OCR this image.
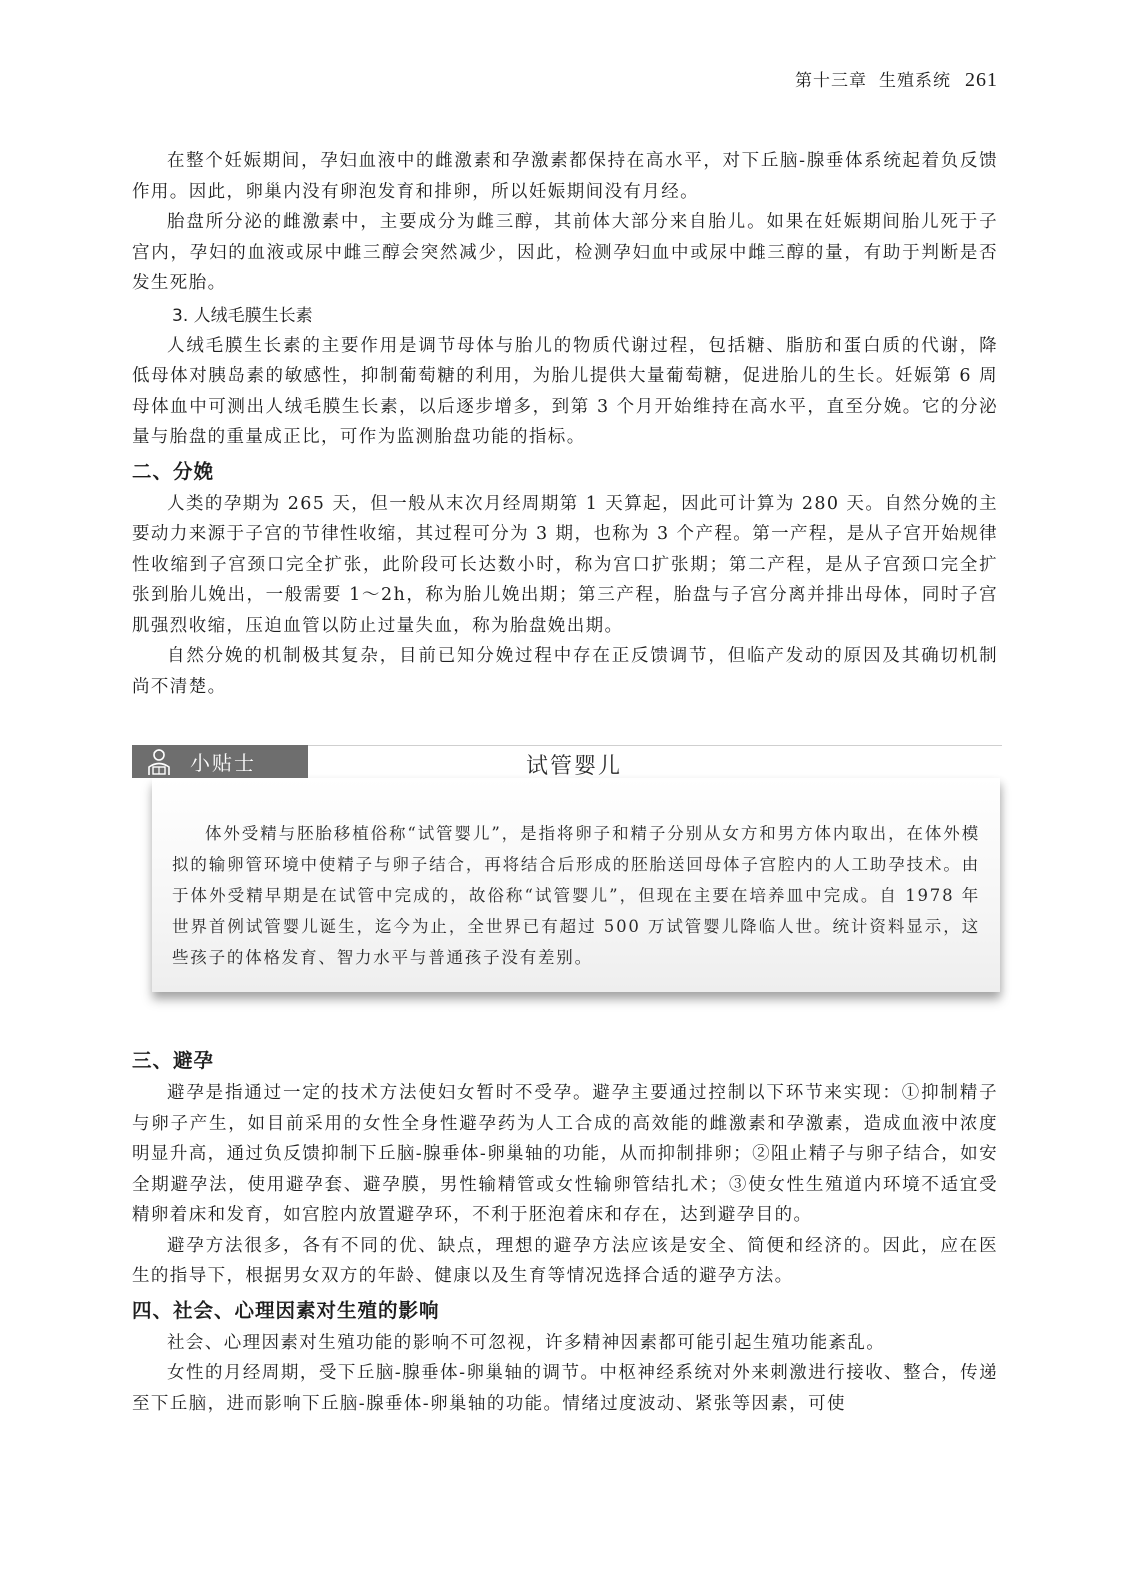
第十三章 生殖系统 261

在整个妊娠期间，孕妇血液中的雌激素和孕激素都保持在高水平，对下丘脑-腺垂体系统起着负反馈作用。因此，卵巢内没有卵泡发育和排卵，所以妊娠期间没有月经。

胎盘所分泌的雌激素中，主要成分为雌三醇，其前体大部分来自胎儿。如果在妊娠期间胎儿死于子宫内，孕妇的血液或尿中雌三醇会突然减少，因此，检测孕妇血中或尿中雌三醇的量，有助于判断是否发生死胎。

3. 人绒毛膜生长素

人绒毛膜生长素的主要作用是调节母体与胎儿的物质代谢过程，包括糖、脂肪和蛋白质的代谢，降低母体对胰岛素的敏感性，抑制葡萄糖的利用，为胎儿提供大量葡萄糖，促进胎儿的生长。妊娠第 6 周母体血中可测出人绒毛膜生长素，以后逐步增多，到第 3 个月开始维持在高水平，直至分娩。它的分泌量与胎盘的重量成正比，可作为监测胎盘功能的指标。

二、分娩

人类的孕期为 265 天，但一般从末次月经周期第 1 天算起，因此可计算为 280 天。自然分娩的主要动力来源于子宫的节律性收缩，其过程可分为 3 期，也称为 3 个产程。第一产程，是从子宫开始规律性收缩到子宫颈口完全扩张，此阶段可长达数小时，称为宫口扩张期；第二产程，是从子宫颈口完全扩张到胎儿娩出，一般需要 1～2h，称为胎儿娩出期；第三产程，胎盘与子宫分离并排出母体，同时子宫肌强烈收缩，压迫血管以防止过量失血，称为胎盘娩出期。

自然分娩的机制极其复杂，目前已知分娩过程中存在正反馈调节，但临产发动的原因及其确切机制尚不清楚。

体外受精与胚胎移植俗称“试管婴儿”，是指将卵子和精子分别从女方和男方体内取出，在体外模拟的输卵管环境中使精子与卵子结合，再将结合后形成的胚胎送回母体子宫腔内的人工助孕技术。由于体外受精早期是在试管中完成的，故俗称“试管婴儿”，但现在主要在培养皿中完成。自 1978 年世界首例试管婴儿诞生，迄今为止，全世界已有超过 500 万试管婴儿降临人世。统计资料显示，这些孩子的体格发育、智力水平与普通孩子没有差别。
小贴士	试管婴儿
三、避孕

避孕是指通过一定的技术方法使妇女暂时不受孕。避孕主要通过控制以下环节来实现：①抑制精子与卵子产生，如目前采用的女性全身性避孕药为人工合成的高效能的雌激素和孕激素，造成血液中浓度明显升高，通过负反馈抑制下丘脑-腺垂体-卵巢轴的功能，从而抑制排卵；②阻止精子与卵子结合，如安全期避孕法，使用避孕套、避孕膜，男性输精管或女性输卵管结扎术；③使女性生殖道内环境不适宜受精卵着床和发育，如宫腔内放置避孕环，不利于胚泡着床和存在，达到避孕目的。

避孕方法很多，各有不同的优、缺点，理想的避孕方法应该是安全、简便和经济的。因此，应在医生的指导下，根据男女双方的年龄、健康以及生育等情况选择合适的避孕方法。

四、社会、心理因素对生殖的影响

社会、心理因素对生殖功能的影响不可忽视，许多精神因素都可能引起生殖功能紊乱。

女性的月经周期，受下丘脑-腺垂体-卵巢轴的调节。中枢神经系统对外来刺激进行接收、整合，传递至下丘脑，进而影响下丘脑-腺垂体-卵巢轴的功能。情绪过度波动、紧张等因素，可使
